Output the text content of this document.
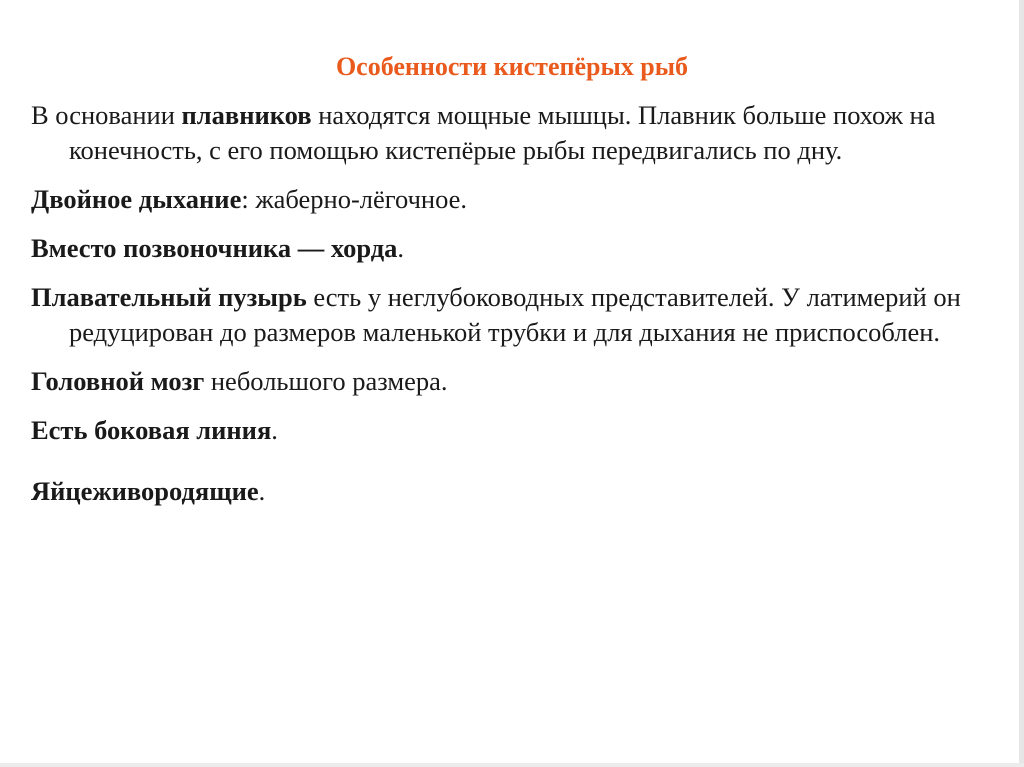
Особенности кистепёрых рыб

В основании плавников находятся мощные мышцы. Плавник больше похож на конечность, с его помощью кистепёрые рыбы передвигались по дну.

Двойное дыхание: жаберно-лёгочное.

Вместо позвоночника — хорда.

Плавательный пузырь есть у неглубоководных представителей. У латимерий он редуцирован до размеров маленькой трубки и для дыхания не приспособлен.

Головной мозг небольшого размера.

Есть боковая линия.

Яйцеживородящие.
